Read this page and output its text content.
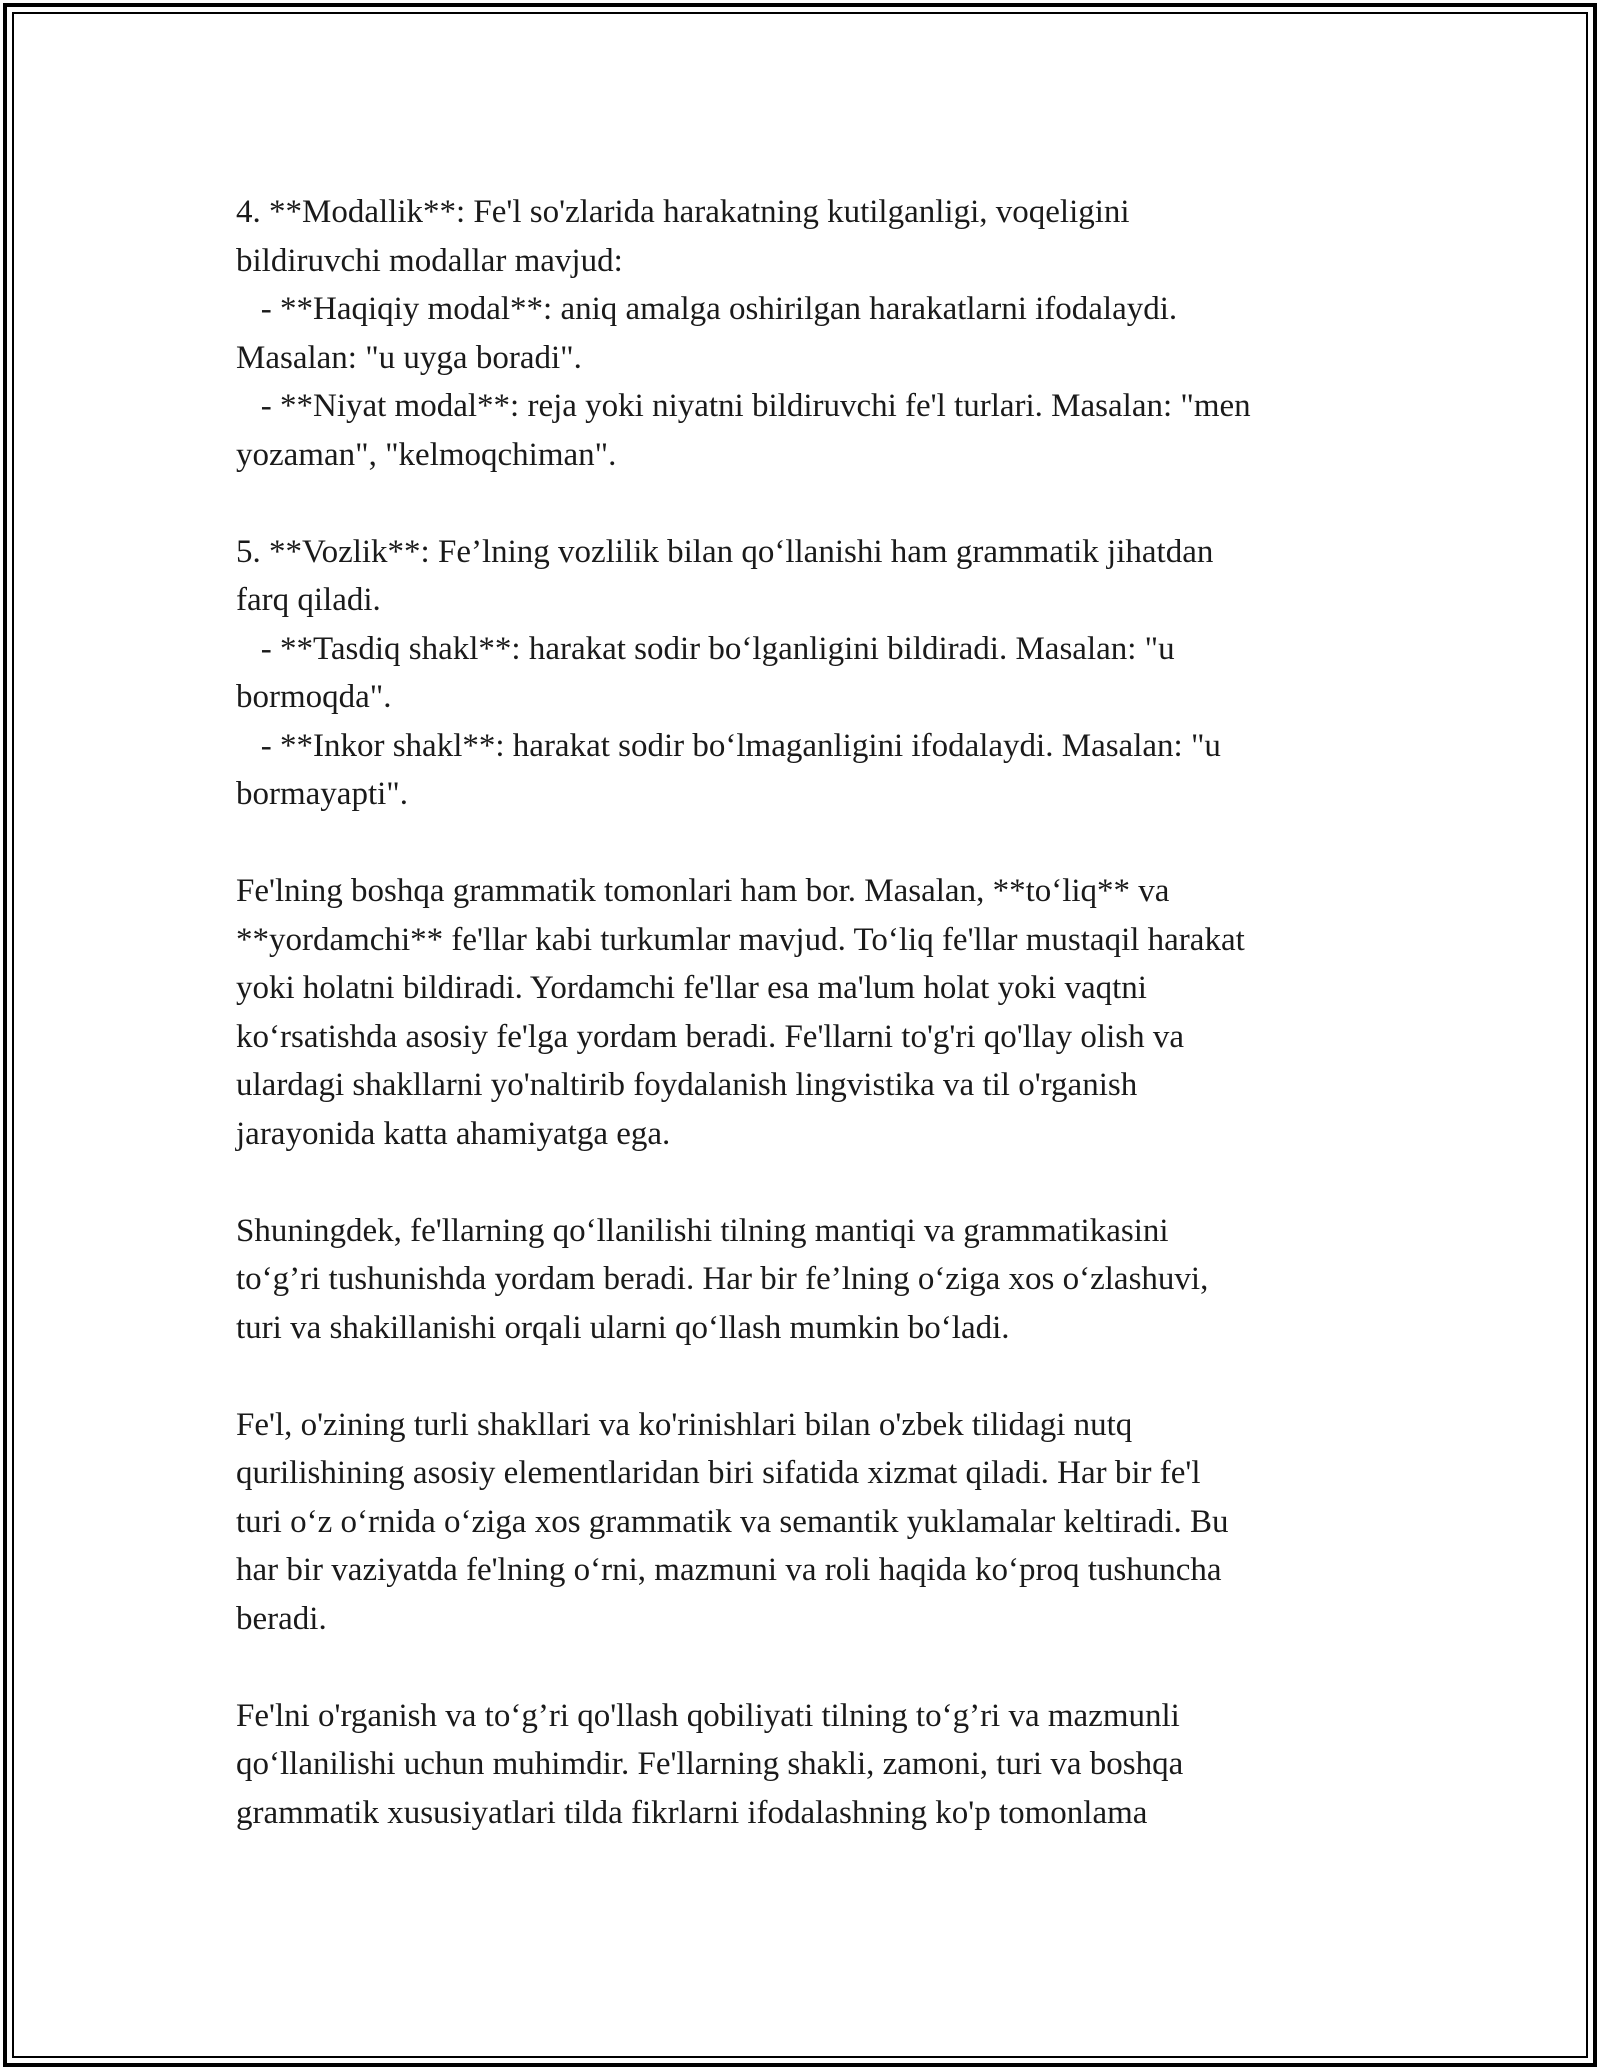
4. **Modallik**: Fe'l so'zlarida harakatning kutilganligi, voqeligini
bildiruvchi modallar mavjud:
- **Haqiqiy modal**: aniq amalga oshirilgan harakatlarni ifodalaydi.
Masalan: "u uyga boradi".
- **Niyat modal**: reja yoki niyatni bildiruvchi fe'l turlari. Masalan: "men
yozaman", "kelmoqchiman".
5. **Vozlik**: Fe’lning vozlilik bilan qo‘llanishi ham grammatik jihatdan
farq qiladi.
- **Tasdiq shakl**: harakat sodir bo‘lganligini bildiradi. Masalan: "u
bormoqda".
- **Inkor shakl**: harakat sodir bo‘lmaganligini ifodalaydi. Masalan: "u
bormayapti".
Fe'lning boshqa grammatik tomonlari ham bor. Masalan, **to‘liq** va
**yordamchi** fe'llar kabi turkumlar mavjud. To‘liq fe'llar mustaqil harakat
yoki holatni bildiradi. Yordamchi fe'llar esa ma'lum holat yoki vaqtni
ko‘rsatishda asosiy fe'lga yordam beradi. Fe'llarni to'g'ri qo'llay olish va
ulardagi shakllarni yo'naltirib foydalanish lingvistika va til o'rganish
jarayonida katta ahamiyatga ega.
Shuningdek, fe'llarning qo‘llanilishi tilning mantiqi va grammatikasini
to‘g’ri tushunishda yordam beradi. Har bir fe’lning o‘ziga xos o‘zlashuvi,
turi va shakillanishi orqali ularni qo‘llash mumkin bo‘ladi.
Fe'l, o'zining turli shakllari va ko'rinishlari bilan o'zbek tilidagi nutq
qurilishining asosiy elementlaridan biri sifatida xizmat qiladi. Har bir fe'l
turi o‘z o‘rnida o‘ziga xos grammatik va semantik yuklamalar keltiradi. Bu
har bir vaziyatda fe'lning o‘rni, mazmuni va roli haqida ko‘proq tushuncha
beradi.
Fe'lni o'rganish va to‘g’ri qo'llash qobiliyati tilning to‘g’ri va mazmunli
qo‘llanilishi uchun muhimdir. Fe'llarning shakli, zamoni, turi va boshqa
grammatik xususiyatlari tilda fikrlarni ifodalashning ko'p tomonlama
